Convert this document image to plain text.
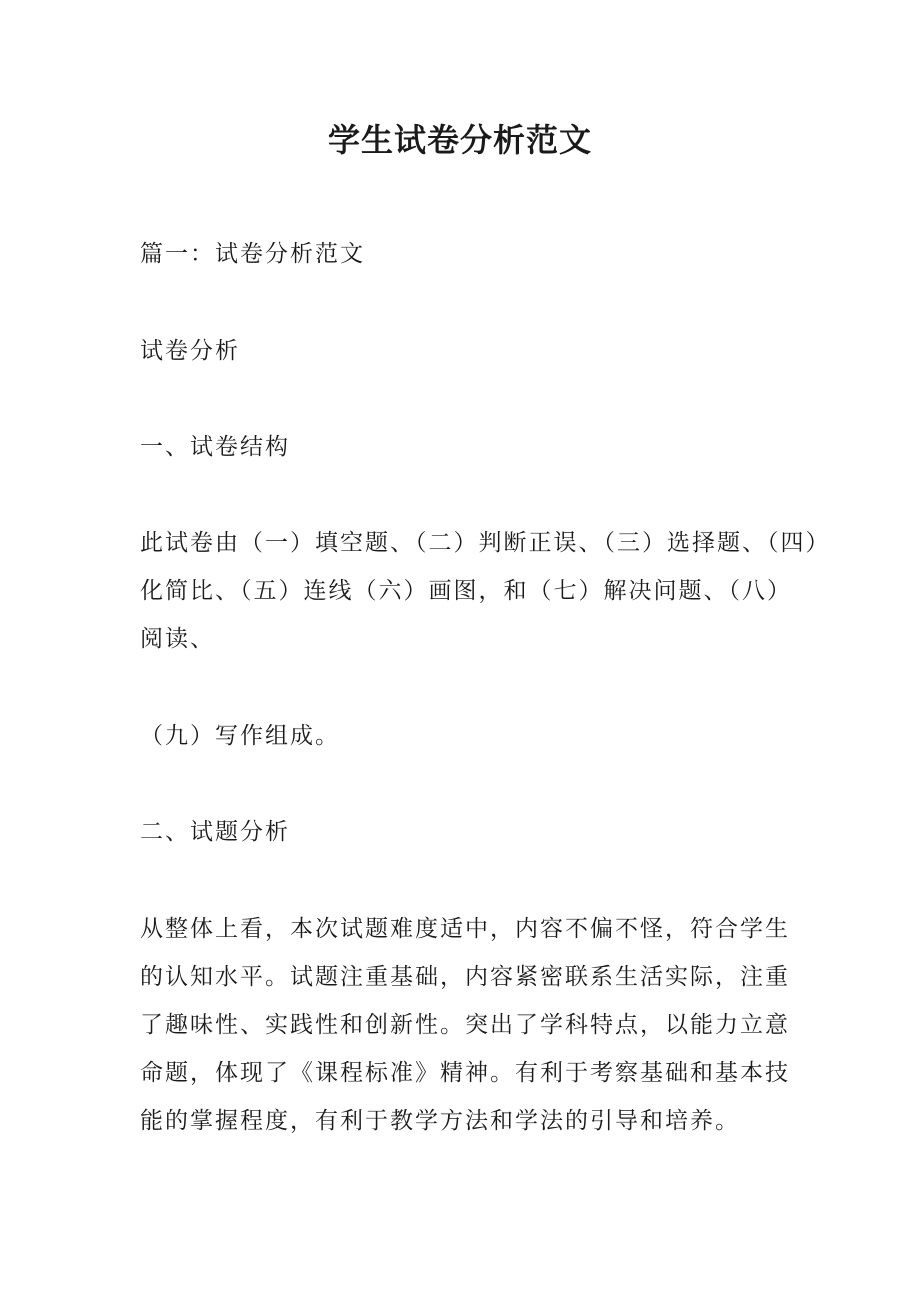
学生试卷分析范文

篇一：试卷分析范文

试卷分析

一、试卷结构

此试卷由（一）填空题、（二）判断正误、（三）选择题、（四）
化简比、（五）连线（六）画图，和（七）解决问题、（八）
阅读、

（九）写作组成。

二、试题分析

从整体上看，本次试题难度适中，内容不偏不怪，符合学生
的认知水平。试题注重基础，内容紧密联系生活实际，注重
了趣味性、实践性和创新性。突出了学科特点，以能力立意
命题，体现了《课程标准》精神。有利于考察基础和基本技
能的掌握程度，有利于教学方法和学法的引导和培养。
